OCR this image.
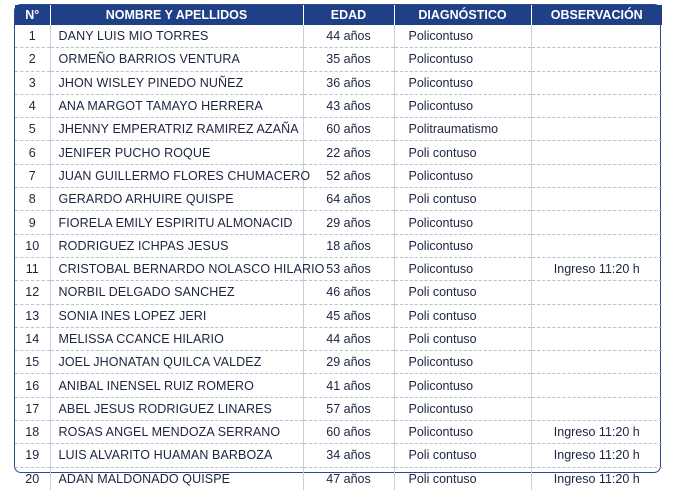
N°	NOMBRE Y APELLIDOS	EDAD	DIAGNÓSTICO	OBSERVACIÓN
1	DANY LUIS MIO TORRES	44 años	Policontuso	
2	ORMEÑO BARRIOS VENTURA	35 años	Policontuso	
3	JHON WISLEY PINEDO NUÑEZ	36 años	Policontuso	
4	ANA MARGOT TAMAYO HERRERA	43 años	Policontuso	
5	JHENNY EMPERATRIZ RAMIREZ AZAÑA	60 años	Politraumatismo	
6	JENIFER PUCHO ROQUE	22 años	Poli contuso	
7	JUAN GUILLERMO FLORES CHUMACERO	52 años	Policontuso	
8	GERARDO ARHUIRE QUISPE	64 años	Poli contuso	
9	FIORELA EMILY ESPIRITU ALMONACID	29 años	Policontuso	
10	RODRIGUEZ ICHPAS JESUS	18 años	Policontuso	
11	CRISTOBAL BERNARDO NOLASCO HILARIO	53 años	Policontuso	Ingreso 11:20 h
12	NORBIL DELGADO SANCHEZ	46 años	Poli contuso	
13	SONIA INES LOPEZ JERI	45 años	Poli contuso	
14	MELISSA CCANCE HILARIO	44 años	Poli contuso	
15	JOEL JHONATAN QUILCA VALDEZ	29 años	Policontuso	
16	ANIBAL INENSEL RUIZ ROMERO	41 años	Policontuso	
17	ABEL JESUS RODRIGUEZ LINARES	57 años	Policontuso	
18	ROSAS ANGEL MENDOZA SERRANO	60 años	Policontuso	Ingreso 11:20 h
19	LUIS ALVARITO HUAMAN BARBOZA	34 años	Poli contuso	Ingreso 11:20 h
20	ADAN MALDONADO QUISPE	47 años	Poli contuso	Ingreso 11:20 h
